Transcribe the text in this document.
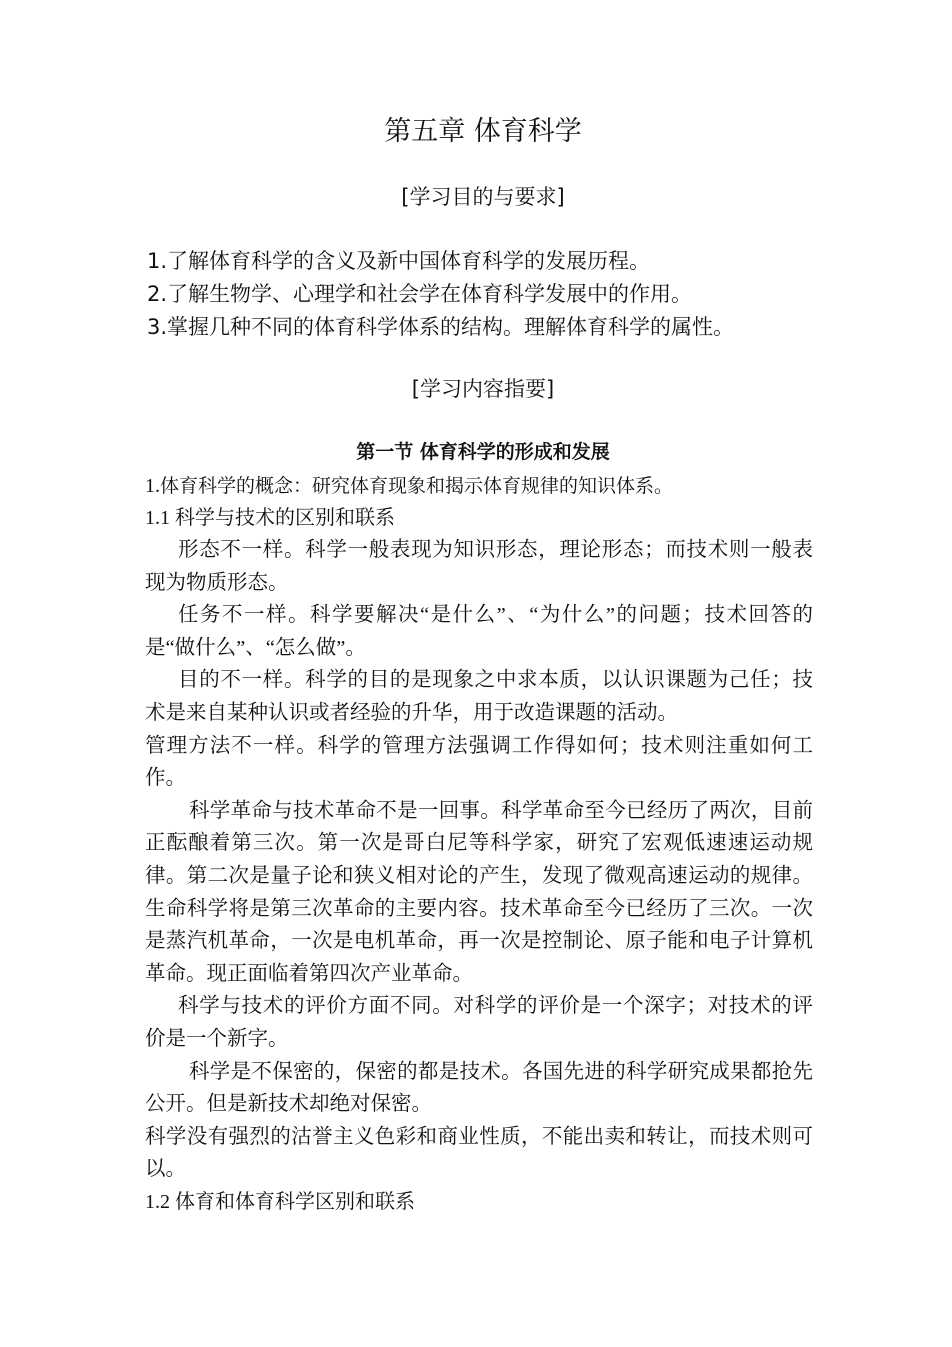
第五章 体育科学
[学习目的与要求]
1.了解体育科学的含义及新中国体育科学的发展历程。
2.了解生物学、心理学和社会学在体育科学发展中的作用。
3.掌握几种不同的体育科学体系的结构。理解体育科学的属性。
[学习内容指要]
第一节 体育科学的形成和发展

1.体育科学的概念：研究体育现象和揭示体育规律的知识体系。

1.1 科学与技术的区别和联系

形态不一样。科学一般表现为知识形态，理论形态；而技术则一般表现为物质形态。

任务不一样。科学要解决“是什么”、“为什么”的问题；技术回答的是“做什么”、“怎么做”。

目的不一样。科学的目的是现象之中求本质，以认识课题为己任；技术是来自某种认识或者经验的升华，用于改造课题的活动。

管理方法不一样。科学的管理方法强调工作得如何；技术则注重如何工作。

科学革命与技术革命不是一回事。科学革命至今已经历了两次，目前正酝酿着第三次。第一次是哥白尼等科学家，研究了宏观低速速运动规律。第二次是量子论和狭义相对论的产生，发现了微观高速运动的规律。生命科学将是第三次革命的主要内容。技术革命至今已经历了三次。一次是蒸汽机革命，一次是电机革命，再一次是控制论、原子能和电子计算机革命。现正面临着第四次产业革命。

科学与技术的评价方面不同。对科学的评价是一个深字；对技术的评价是一个新字。

科学是不保密的，保密的都是技术。各国先进的科学研究成果都抢先公开。但是新技术却绝对保密。

科学没有强烈的沽誉主义色彩和商业性质，不能出卖和转让，而技术则可以。

1.2 体育和体育科学区别和联系
